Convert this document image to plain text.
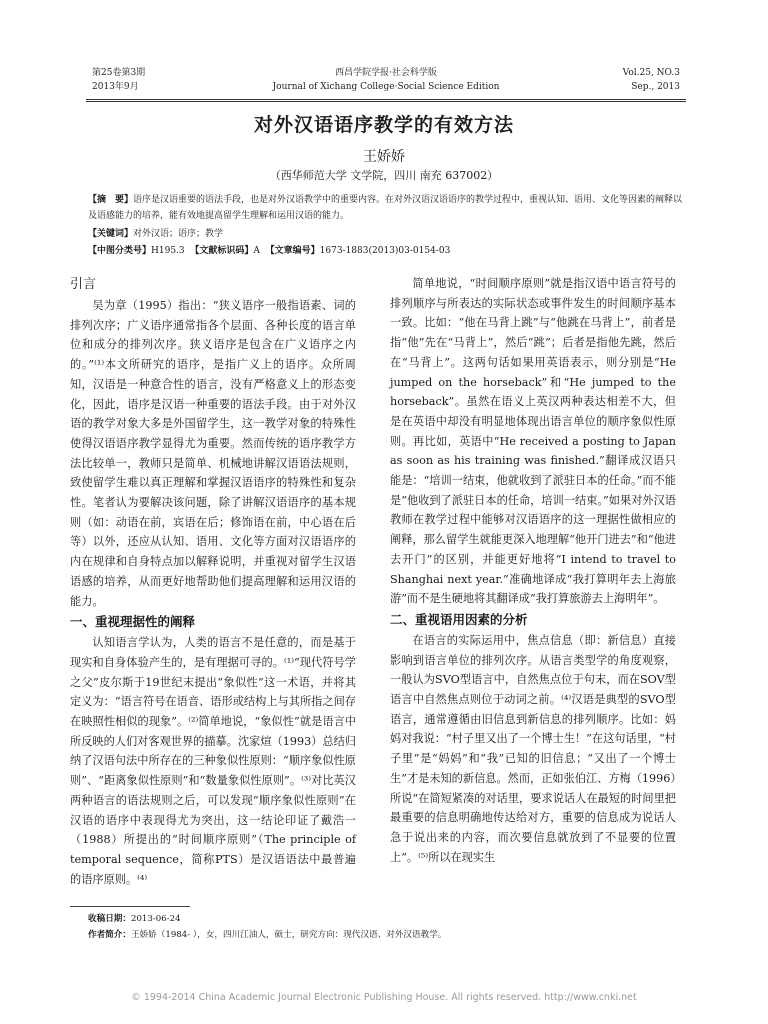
第25卷第3期
2013年9月
西昌学院学报·社会科学版
Journal of Xichang College·Social Science Edition
Vol.25, NO.3
Sep., 2013
对外汉语语序教学的有效方法
王娇娇
（西华师范大学 文学院，四川 南充 637002）
【摘　要】语序是汉语重要的语法手段，也是对外汉语教学中的重要内容。在对外汉语汉语语序的教学过程中，重视认知、语用、文化等因素的阐释以及语感能力的培养，能有效地提高留学生理解和运用汉语的能力。
【关键词】对外汉语；语序；教学
【中图分类号】H195.3 【文献标识码】A 【文章编号】1673-1883(2013)03-0154-03
引言

吴为章（1995）指出：“狭义语序一般指语素、词的排列次序；广义语序通常指各个层面、各种长度的语言单位和成分的排列次序。狭义语序是包含在广义语序之内的。”⁽¹⁾本文所研究的语序，是指广义上的语序。众所周知，汉语是一种意合性的语言，没有严格意义上的形态变化，因此，语序是汉语一种重要的语法手段。由于对外汉语的教学对象大多是外国留学生，这一教学对象的特殊性使得汉语语序教学显得尤为重要。然而传统的语序教学方法比较单一，教师只是简单、机械地讲解汉语语法规则，致使留学生难以真正理解和掌握汉语语序的特殊性和复杂性。笔者认为要解决该问题，除了讲解汉语语序的基本规则（如：动语在前，宾语在后；修饰语在前，中心语在后等）以外，还应从认知、语用、文化等方面对汉语语序的内在规律和自身特点加以解释说明，并重视对留学生汉语语感的培养，从而更好地帮助他们提高理解和运用汉语的能力。

一、重视理据性的阐释

认知语言学认为，人类的语言不是任意的，而是基于现实和自身体验产生的，是有理据可寻的。⁽¹⁾“现代符号学之父”皮尔斯于19世纪末提出“象似性”这一术语，并将其定义为：“语言符号在语音、语形或结构上与其所指之间存在映照性相似的现象”。⁽²⁾简单地说，“象似性”就是语言中所反映的人们对客观世界的描摹。沈家煊（1993）总结归纳了汉语句法中所存在的三种象似性原则：“顺序象似性原则”、“距离象似性原则”和“数量象似性原则”。⁽³⁾对比英汉两种语言的语法规则之后，可以发现“顺序象似性原则”在汉语的语序中表现得尤为突出，这一结论印证了戴浩一（1988）所提出的“时间顺序原则”（The principle of temporal sequence，简称PTS）是汉语语法中最普遍的语序原则。⁽⁴⁾

简单地说，“时间顺序原则”就是指汉语中语言符号的排列顺序与所表达的实际状态或事件发生的时间顺序基本一致。比如：“他在马背上跳”与“他跳在马背上”，前者是指“他”先在“马背上”，然后“跳”；后者是指他先跳，然后在“马背上”。这两句话如果用英语表示，则分别是“He jumped on the horseback”和“He jumped to the horseback”。虽然在语义上英汉两种表达相差不大，但是在英语中却没有明显地体现出语言单位的顺序象似性原则。再比如，英语中“He received a posting to Japan as soon as his training was finished.”翻译成汉语只能是：“培训一结束，他就收到了派驻日本的任命。”而不能是“他收到了派驻日本的任命，培训一结束。”如果对外汉语教师在教学过程中能够对汉语语序的这一理据性做相应的阐释，那么留学生就能更深入地理解“他开门进去”和“他进去开门”的区别，并能更好地将“I intend to travel to Shanghai next year.”准确地译成“我打算明年去上海旅游”而不是生硬地将其翻译成“我打算旅游去上海明年”。

二、重视语用因素的分析

在语言的实际运用中，焦点信息（即：新信息）直接影响到语言单位的排列次序。从语言类型学的角度观察，一般认为SVO型语言中，自然焦点位于句末，而在SOV型语言中自然焦点则位于动词之前。⁽⁴⁾汉语是典型的SVO型语言，通常遵循由旧信息到新信息的排列顺序。比如：妈妈对我说：“村子里又出了一个博士生！”在这句话里，“村子里”是“妈妈”和“我”已知的旧信息；“又出了一个博士生”才是未知的新信息。然而，正如张伯江、方梅（1996）所说“在简短紧凑的对话里，要求说话人在最短的时间里把最重要的信息明确地传达给对方，重要的信息成为说话人急于说出来的内容，而次要信息就放到了不显要的位置上”。⁽⁵⁾所以在现实生

收稿日期：2013-06-24
作者简介：王娇娇（1984- ），女，四川江油人，硕士，研究方向：现代汉语、对外汉语教学。
© 1994-2014 China Academic Journal Electronic Publishing House. All rights reserved. http://www.cnki.net
